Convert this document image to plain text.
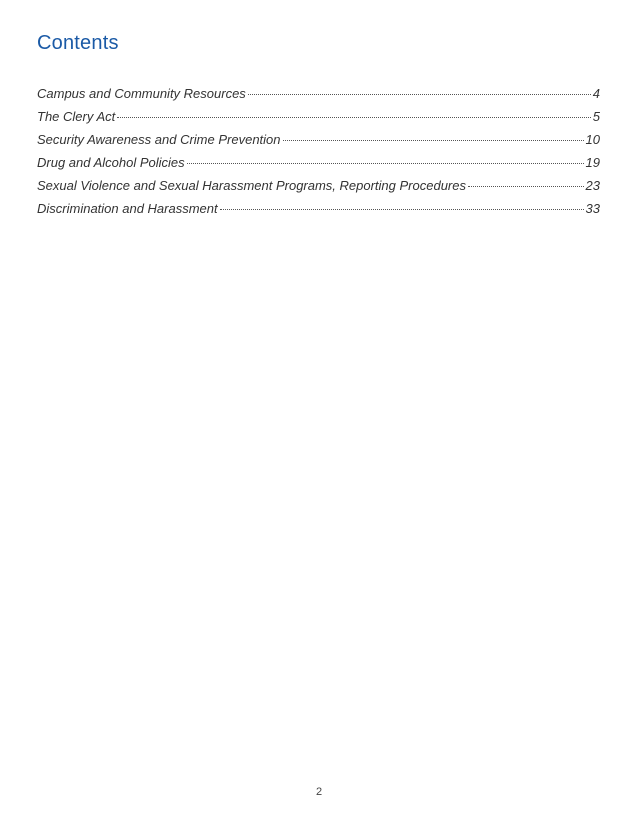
Contents
Campus and Community Resources	4
The Clery Act	5
Security Awareness and Crime Prevention	10
Drug and Alcohol Policies	19
Sexual Violence and Sexual Harassment Programs, Reporting Procedures	23
Discrimination and Harassment	33
2
